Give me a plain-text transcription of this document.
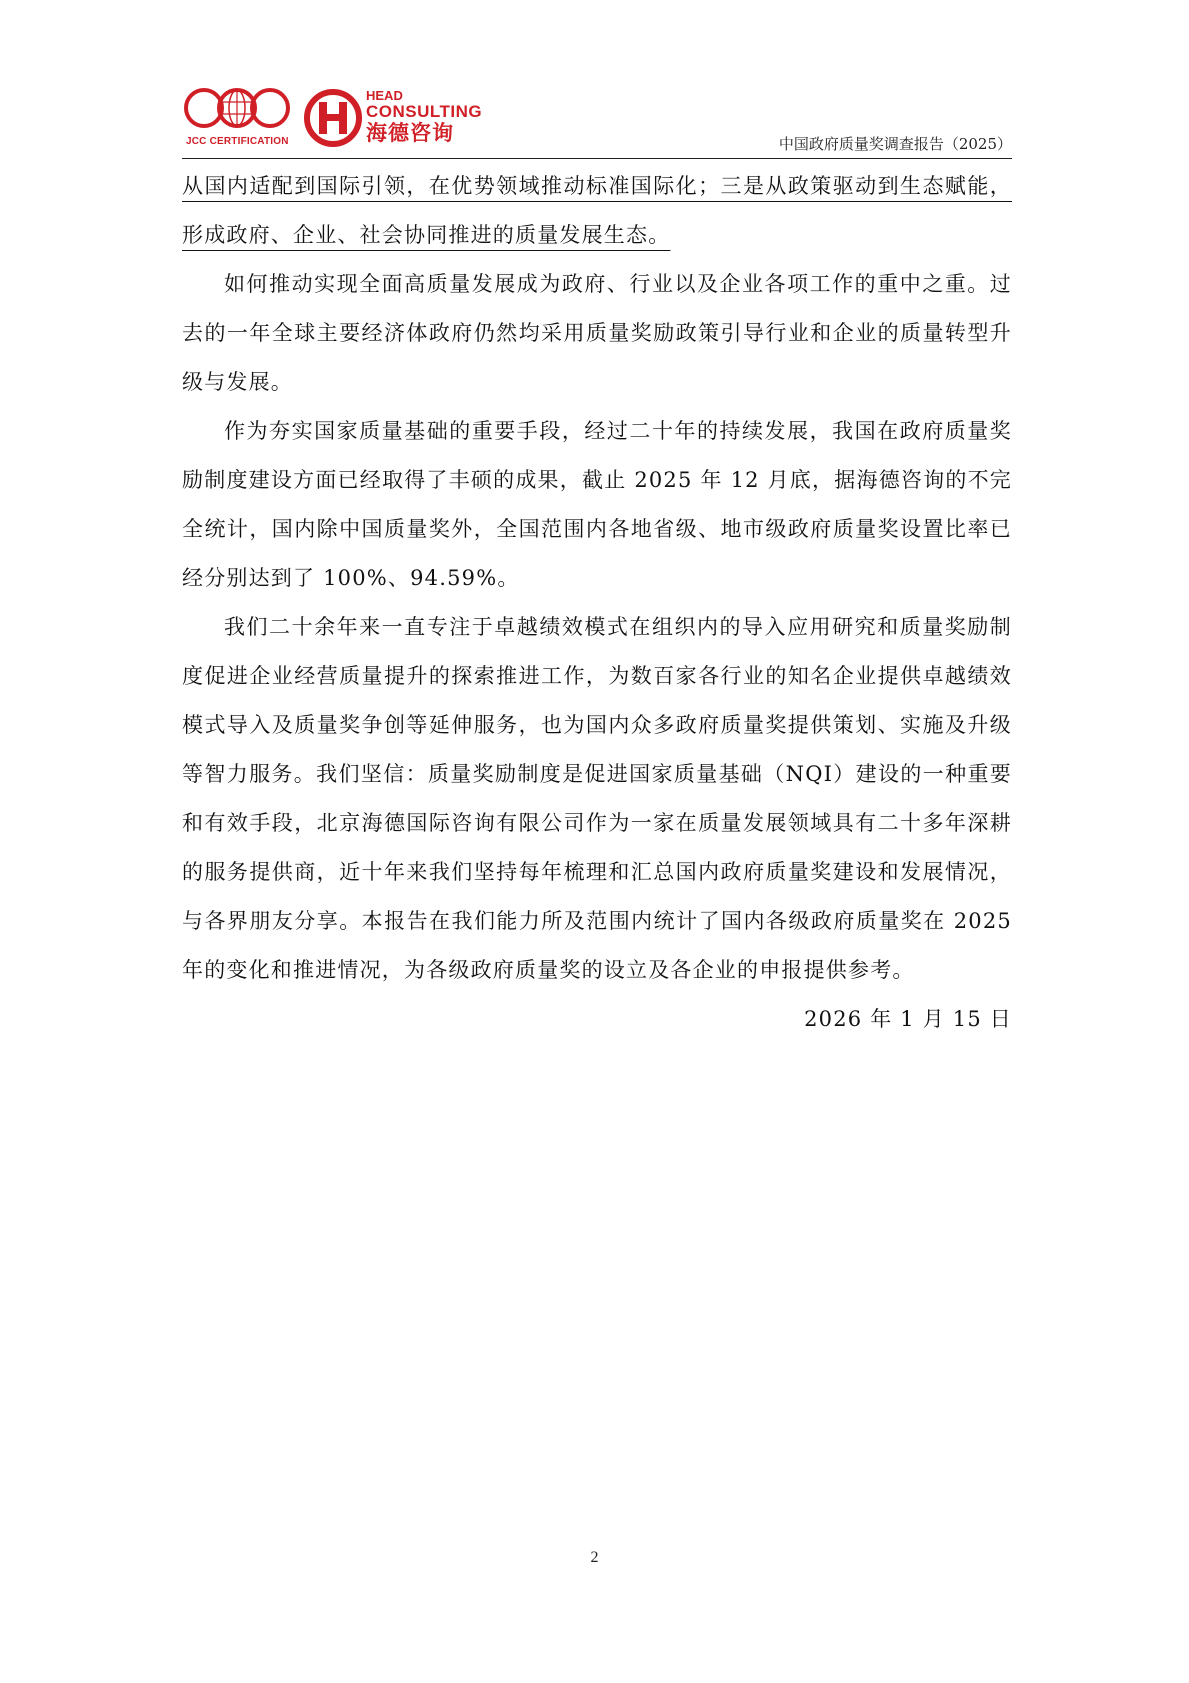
JCC CERTIFICATION
HEAD
CONSULTING
海德咨询	中国政府质量奖调查报告（2025）

从国内适配到国际引领，在优势领域推动标准国际化；三是从政策驱动到生态赋能，形成政府、企业、社会协同推进的质量发展生态。

如何推动实现全面高质量发展成为政府、行业以及企业各项工作的重中之重。过去的一年全球主要经济体政府仍然均采用质量奖励政策引导行业和企业的质量转型升级与发展。

作为夯实国家质量基础的重要手段，经过二十年的持续发展，我国在政府质量奖励制度建设方面已经取得了丰硕的成果，截止 2025 年 12 月底，据海德咨询的不完全统计，国内除中国质量奖外，全国范围内各地省级、地市级政府质量奖设置比率已经分别达到了 100%、94.59%。

我们二十余年来一直专注于卓越绩效模式在组织内的导入应用研究和质量奖励制度促进企业经营质量提升的探索推进工作，为数百家各行业的知名企业提供卓越绩效模式导入及质量奖争创等延伸服务，也为国内众多政府质量奖提供策划、实施及升级等智力服务。我们坚信：质量奖励制度是促进国家质量基础（NQI）建设的一种重要和有效手段，北京海德国际咨询有限公司作为一家在质量发展领域具有二十多年深耕的服务提供商，近十年来我们坚持每年梳理和汇总国内政府质量奖建设和发展情况，与各界朋友分享。本报告在我们能力所及范围内统计了国内各级政府质量奖在 2025 年的变化和推进情况，为各级政府质量奖的设立及各企业的申报提供参考。

2026 年 1 月 15 日

2
